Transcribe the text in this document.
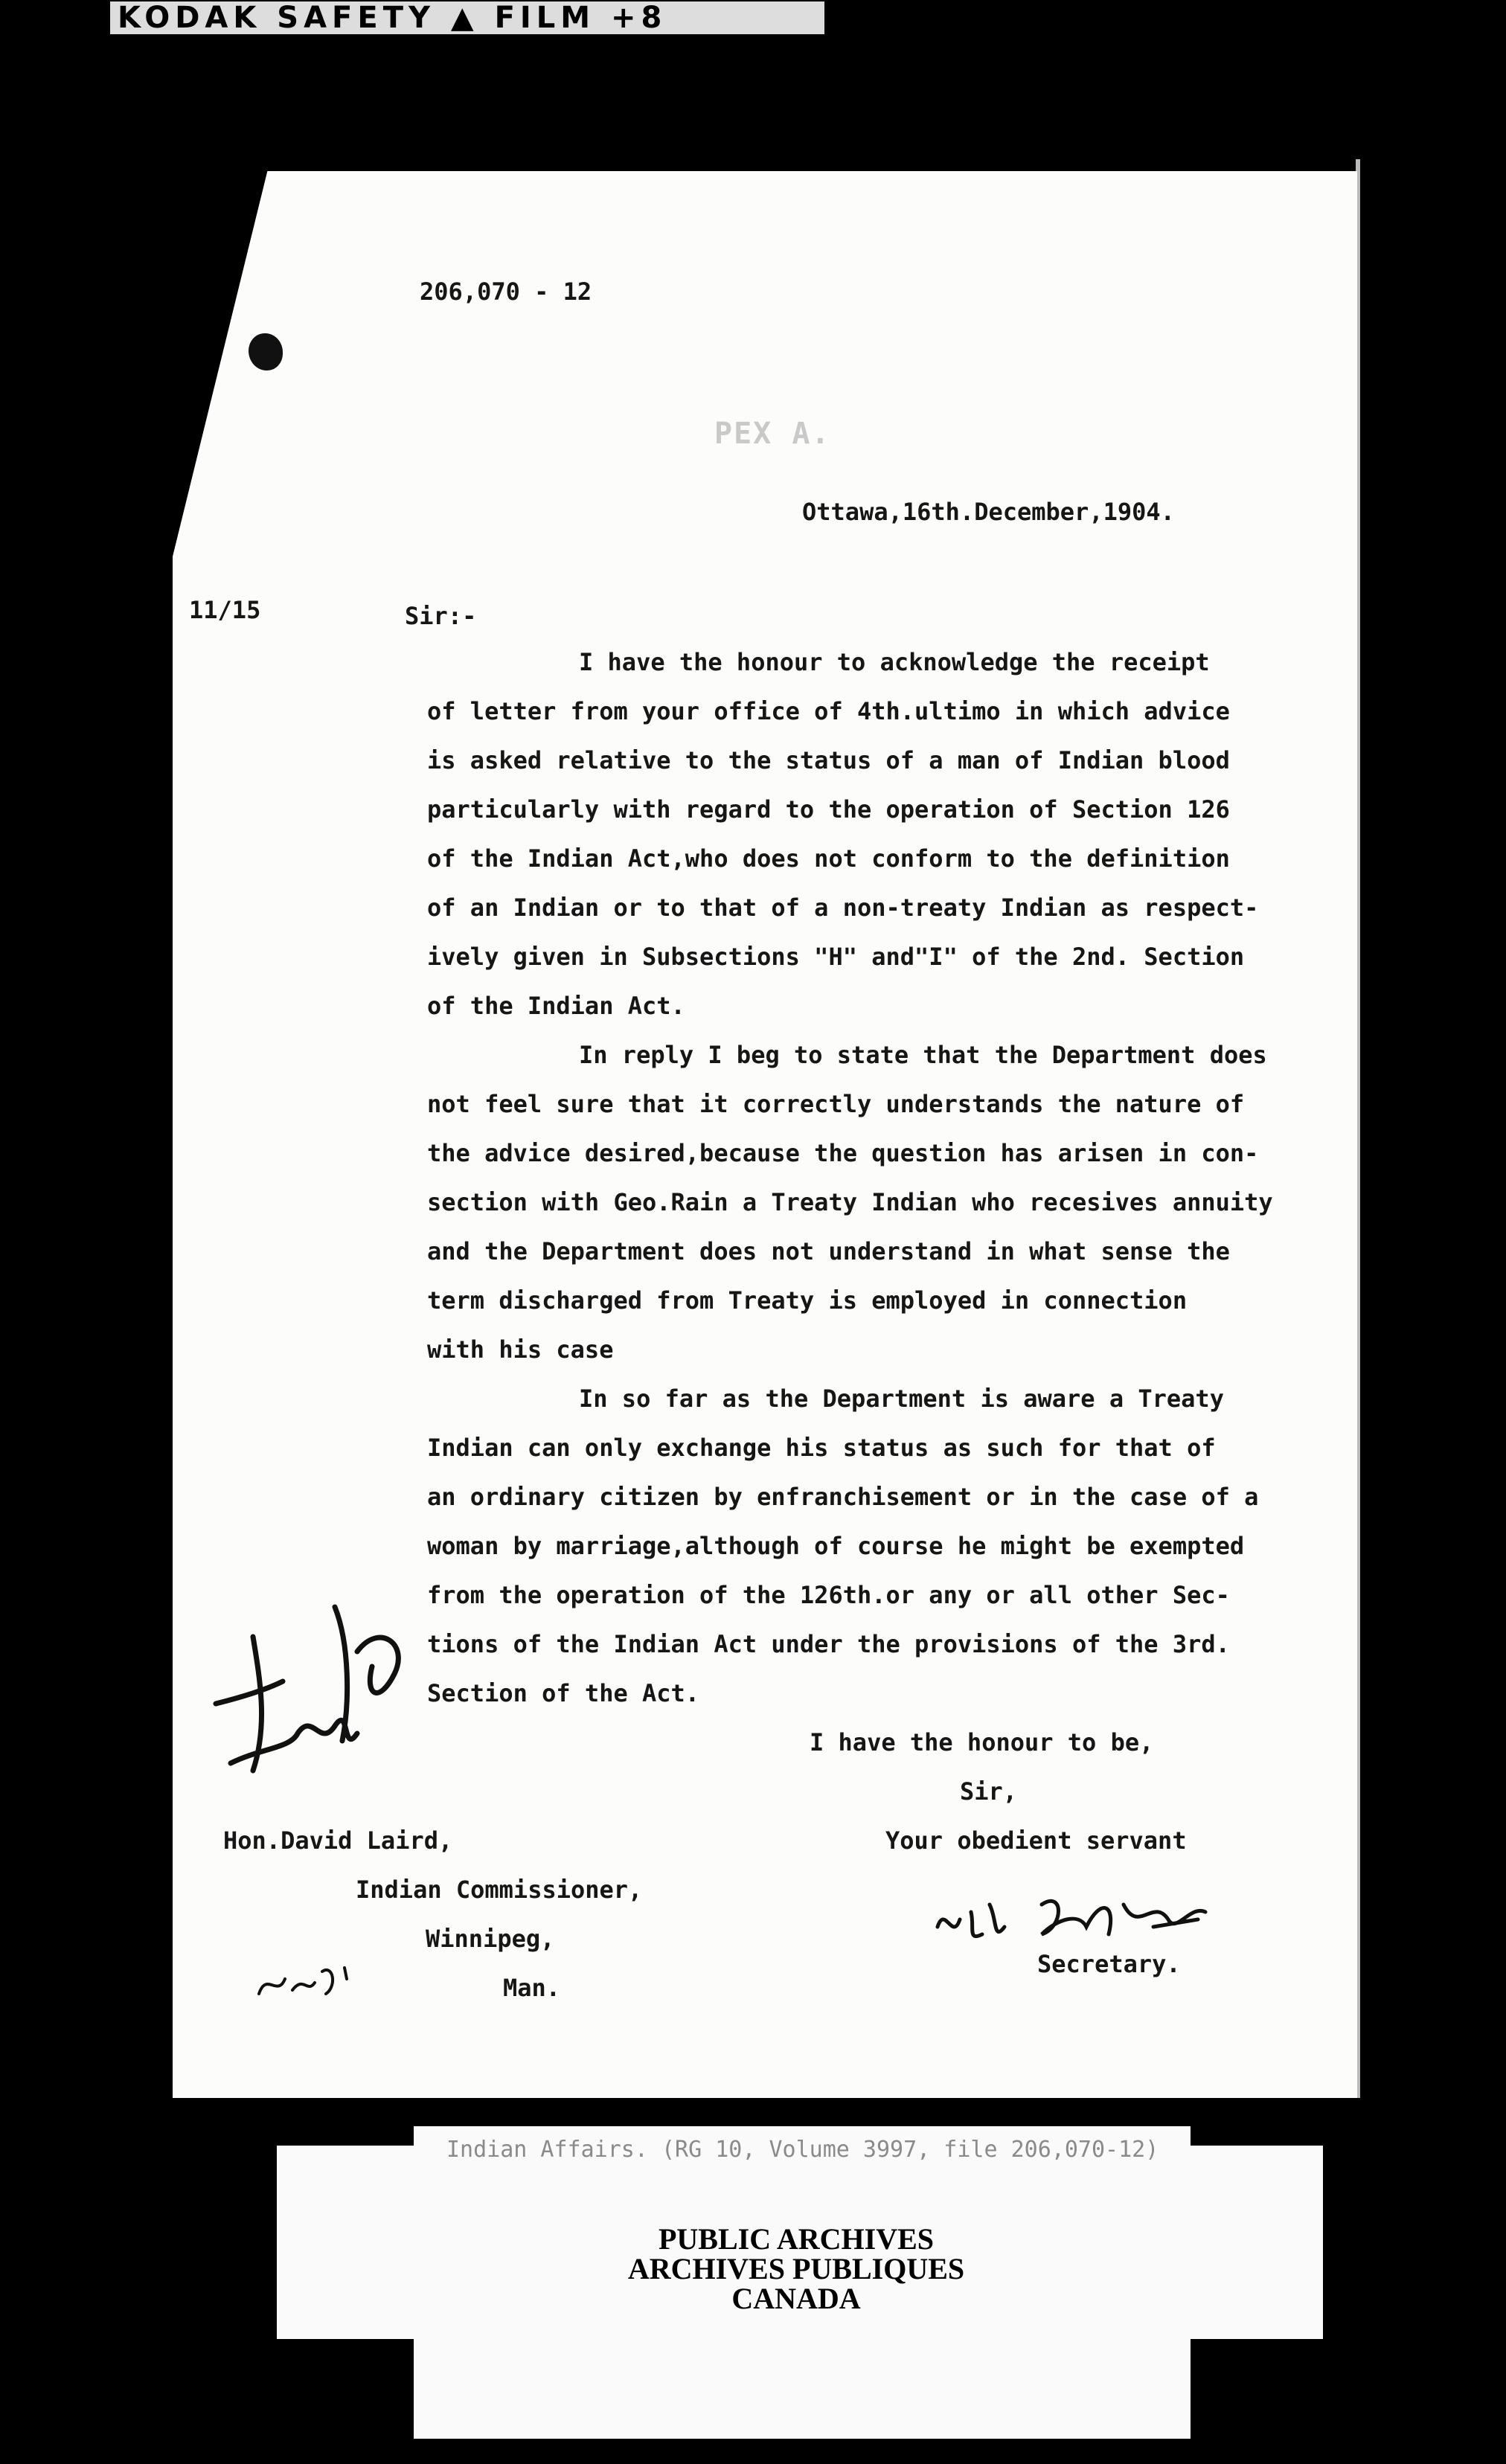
KODAK SAFETY ▲ FILM +8
206,070 - 12
PEX A.
Ottawa,16th.December,1904.
11/15	Sir:-
I have the honour to acknowledge the receipt
of letter from your office of 4th.ultimo in which advice
is asked relative to the status of a man of Indian blood
particularly with regard to the operation of Section 126
of the Indian Act,who does not conform to the definition
of an Indian or to that of a non-treaty Indian as respect-
ively given in Subsections "H" and"I" of the 2nd. Section
of the Indian Act.
In reply I beg to state that the Department does
not feel sure that it correctly understands the nature of
the advice desired,because the question has arisen in con-
section with Geo.Rain a Treaty Indian who recesives annuity
and the Department does not understand in what sense the
term discharged from Treaty is employed in connection
with his case
In so far as the Department is aware a Treaty
Indian can only exchange his status as such for that of
an ordinary citizen by enfranchisement or in the case of a
woman by marriage,although of course he might be exempted
from the operation of the 126th.or any or all other Sec-
tions of the Indian Act under the provisions of the 3rd.
Section of the Act.
I have the honour to be,
Sir,
Your obedient servant
Secretary.
Hon.David Laird,
Indian Commissioner,
Winnipeg,
Man.
Indian Affairs. (RG 10, Volume 3997, file 206,070-12)
PUBLIC ARCHIVES
ARCHIVES PUBLIQUES
CANADA
